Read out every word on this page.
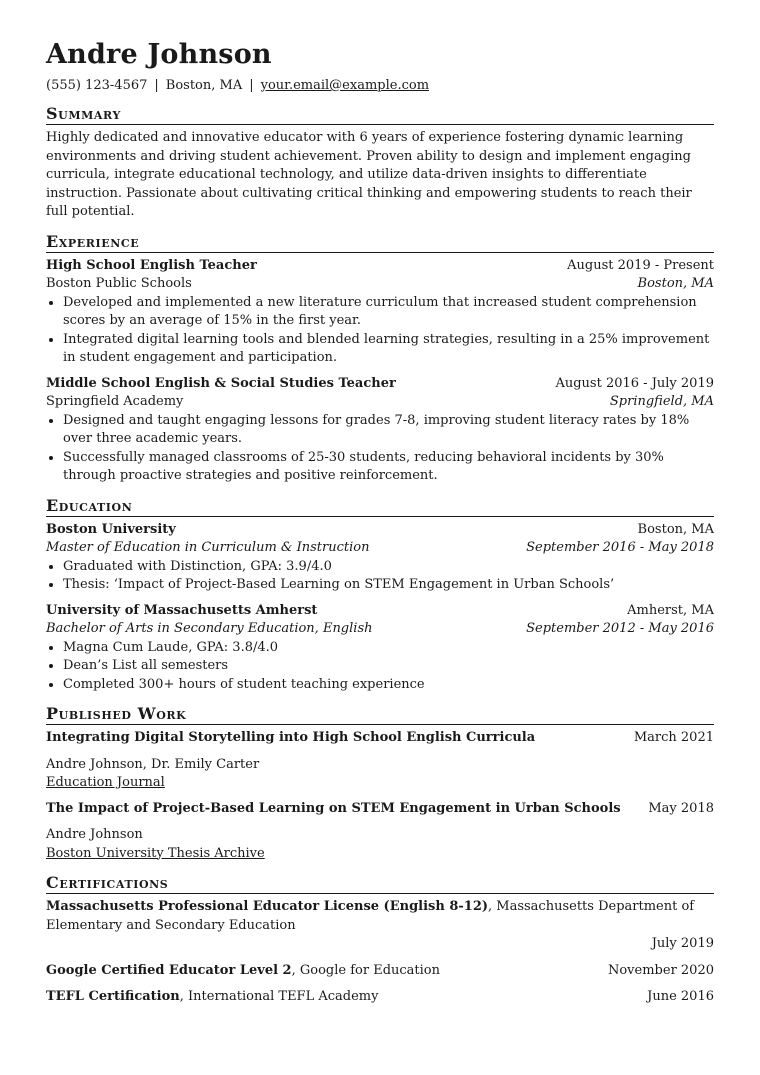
Andre Johnson
(555) 123-4567 | Boston, MA | your.email@example.com
Summary
Highly dedicated and innovative educator with 6 years of experience fostering dynamic learning environments and driving student achievement. Proven ability to design and implement engaging curricula, integrate educational technology, and utilize data-driven insights to differentiate instruction. Passionate about cultivating critical thinking and empowering students to reach their full potential.
Experience
High School English Teacher	August 2019 - Present
Boston Public Schools	Boston, MA
• Developed and implemented a new literature curriculum that increased student comprehension scores by an average of 15% in the first year.
• Integrated digital learning tools and blended learning strategies, resulting in a 25% improvement in student engagement and participation.
Middle School English & Social Studies Teacher	August 2016 - July 2019
Springfield Academy	Springfield, MA
• Designed and taught engaging lessons for grades 7-8, improving student literacy rates by 18% over three academic years.
• Successfully managed classrooms of 25-30 students, reducing behavioral incidents by 30% through proactive strategies and positive reinforcement.
Education
Boston University	Boston, MA
Master of Education in Curriculum & Instruction	September 2016 - May 2018
• Graduated with Distinction, GPA: 3.9/4.0
• Thesis: ‘Impact of Project-Based Learning on STEM Engagement in Urban Schools’
University of Massachusetts Amherst	Amherst, MA
Bachelor of Arts in Secondary Education, English	September 2012 - May 2016
• Magna Cum Laude, GPA: 3.8/4.0
• Dean’s List all semesters
• Completed 300+ hours of student teaching experience
Published Work
Integrating Digital Storytelling into High School English Curricula	March 2021
Andre Johnson, Dr. Emily Carter
Education Journal
The Impact of Project-Based Learning on STEM Engagement in Urban Schools May 2018
Andre Johnson
Boston University Thesis Archive
Certifications
Massachusetts Professional Educator License (English 8-12), Massachusetts Department of Elementary and Secondary Education
July 2019
Google Certified Educator Level 2, Google for Education	November 2020
TEFL Certification, International TEFL Academy	June 2016
